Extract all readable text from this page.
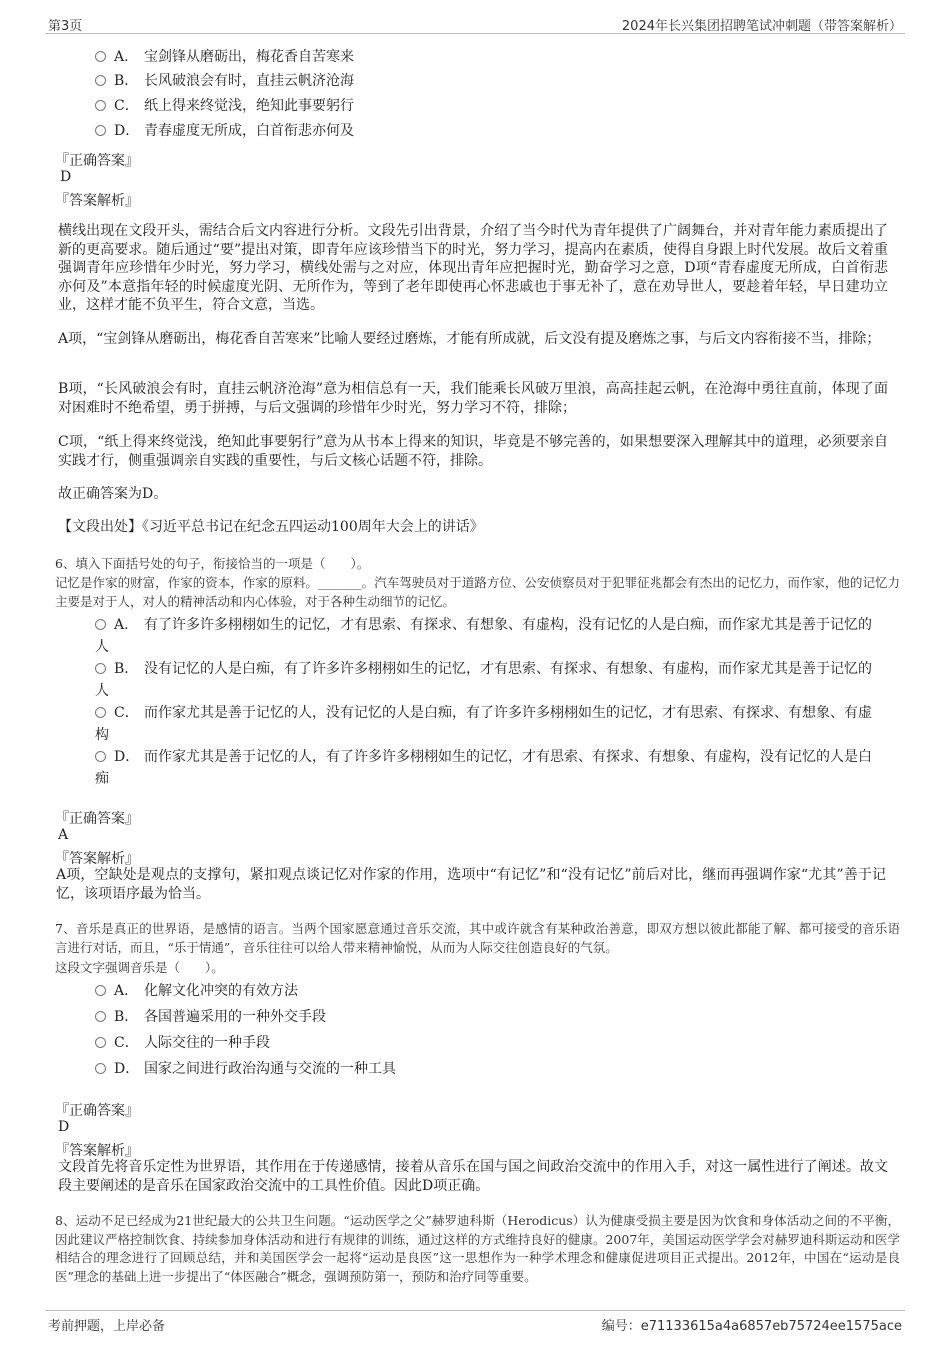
第3页	2024年长兴集团招聘笔试冲刺题（带答案解析）
A． 宝剑锋从磨砺出，梅花香自苦寒来
B． 长风破浪会有时，直挂云帆济沧海
C． 纸上得来终觉浅，绝知此事要躬行
D． 青春虚度无所成，白首衔悲亦何及
『正确答案』
D
『答案解析』
横线出现在文段开头，需结合后文内容进行分析。文段先引出背景，介绍了当今时代为青年提供了广阔舞台，并对青年能力素质提出了新的更高要求。随后通过“要”提出对策，即青年应该珍惜当下的时光，努力学习，提高内在素质，使得自身跟上时代发展。故后文着重强调青年应珍惜年少时光，努力学习，横线处需与之对应，体现出青年应把握时光，勤奋学习之意，D项“青春虚度无所成，白首衔悲亦何及”本意指年轻的时候虚度光阴、无所作为，等到了老年即使再心怀悲戚也于事无补了，意在劝导世人，要趁着年轻，早日建功立业，这样才能不负平生，符合文意，当选。
A项，“宝剑锋从磨砺出，梅花香自苦寒来”比喻人要经过磨炼，才能有所成就，后文没有提及磨炼之事，与后文内容衔接不当，排除；
B项，“长风破浪会有时，直挂云帆济沧海”意为相信总有一天，我们能乘长风破万里浪，高高挂起云帆，在沧海中勇往直前，体现了面对困难时不绝希望，勇于拼搏，与后文强调的珍惜年少时光，努力学习不符，排除；
C项，“纸上得来终觉浅，绝知此事要躬行”意为从书本上得来的知识，毕竟是不够完善的，如果想要深入理解其中的道理，必须要亲自实践才行，侧重强调亲自实践的重要性，与后文核心话题不符，排除。
故正确答案为D。
【文段出处】《习近平总书记在纪念五四运动100周年大会上的讲话》
6、填入下面括号处的句子，衔接恰当的一项是（　　）。
记忆是作家的财富，作家的资本，作家的原料。_______。汽车驾驶员对于道路方位、公安侦察员对于犯罪征兆都会有杰出的记忆力，而作家，他的记忆力主要是对于人，对人的精神活动和内心体验，对于各种生动细节的记忆。
A． 有了许多许多栩栩如生的记忆，才有思索、有探求、有想象、有虚构，没有记忆的人是白痴，而作家尤其是善于记忆的人
B． 没有记忆的人是白痴，有了许多许多栩栩如生的记忆，才有思索、有探求、有想象、有虚构，而作家尤其是善于记忆的人
C． 而作家尤其是善于记忆的人，没有记忆的人是白痴，有了许多许多栩栩如生的记忆，才有思索、有探求、有想象、有虚构
D． 而作家尤其是善于记忆的人，有了许多许多栩栩如生的记忆，才有思索、有探求、有想象、有虚构，没有记忆的人是白痴
『正确答案』
A
『答案解析』
A项，空缺处是观点的支撑句，紧扣观点谈记忆对作家的作用，选项中“有记忆”和“没有记忆”前后对比，继而再强调作家“尤其”善于记忆，该项语序最为恰当。
7、音乐是真正的世界语，是感情的语言。当两个国家愿意通过音乐交流，其中或许就含有某种政治善意，即双方想以彼此都能了解、都可接受的音乐语言进行对话，而且，“乐于情通”，音乐往往可以给人带来精神愉悦，从而为人际交往创造良好的气氛。
这段文字强调音乐是（　　）。
A． 化解文化冲突的有效方法
B． 各国普遍采用的一种外交手段
C． 人际交往的一种手段
D． 国家之间进行政治沟通与交流的一种工具
『正确答案』
D
『答案解析』
文段首先将音乐定性为世界语，其作用在于传递感情，接着从音乐在国与国之间政治交流中的作用入手，对这一属性进行了阐述。故文段主要阐述的是音乐在国家政治交流中的工具性价值。因此D项正确。
8、运动不足已经成为21世纪最大的公共卫生问题。“运动医学之父”赫罗迪科斯（Herodicus）认为健康受损主要是因为饮食和身体活动之间的不平衡，因此建议严格控制饮食、持续参加身体活动和进行有规律的训练，通过这样的方式维持良好的健康。2007年，美国运动医学学会对赫罗迪科斯运动和医学相结合的理念进行了回顾总结，并和美国医学会一起将“运动是良医”这一思想作为一种学术理念和健康促进项目正式提出。2012年，中国在“运动是良医”理念的基础上进一步提出了“体医融合”概念，强调预防第一，预防和治疗同等重要。
考前押题，上岸必备	编号：e71133615a4a6857eb75724ee1575ace
